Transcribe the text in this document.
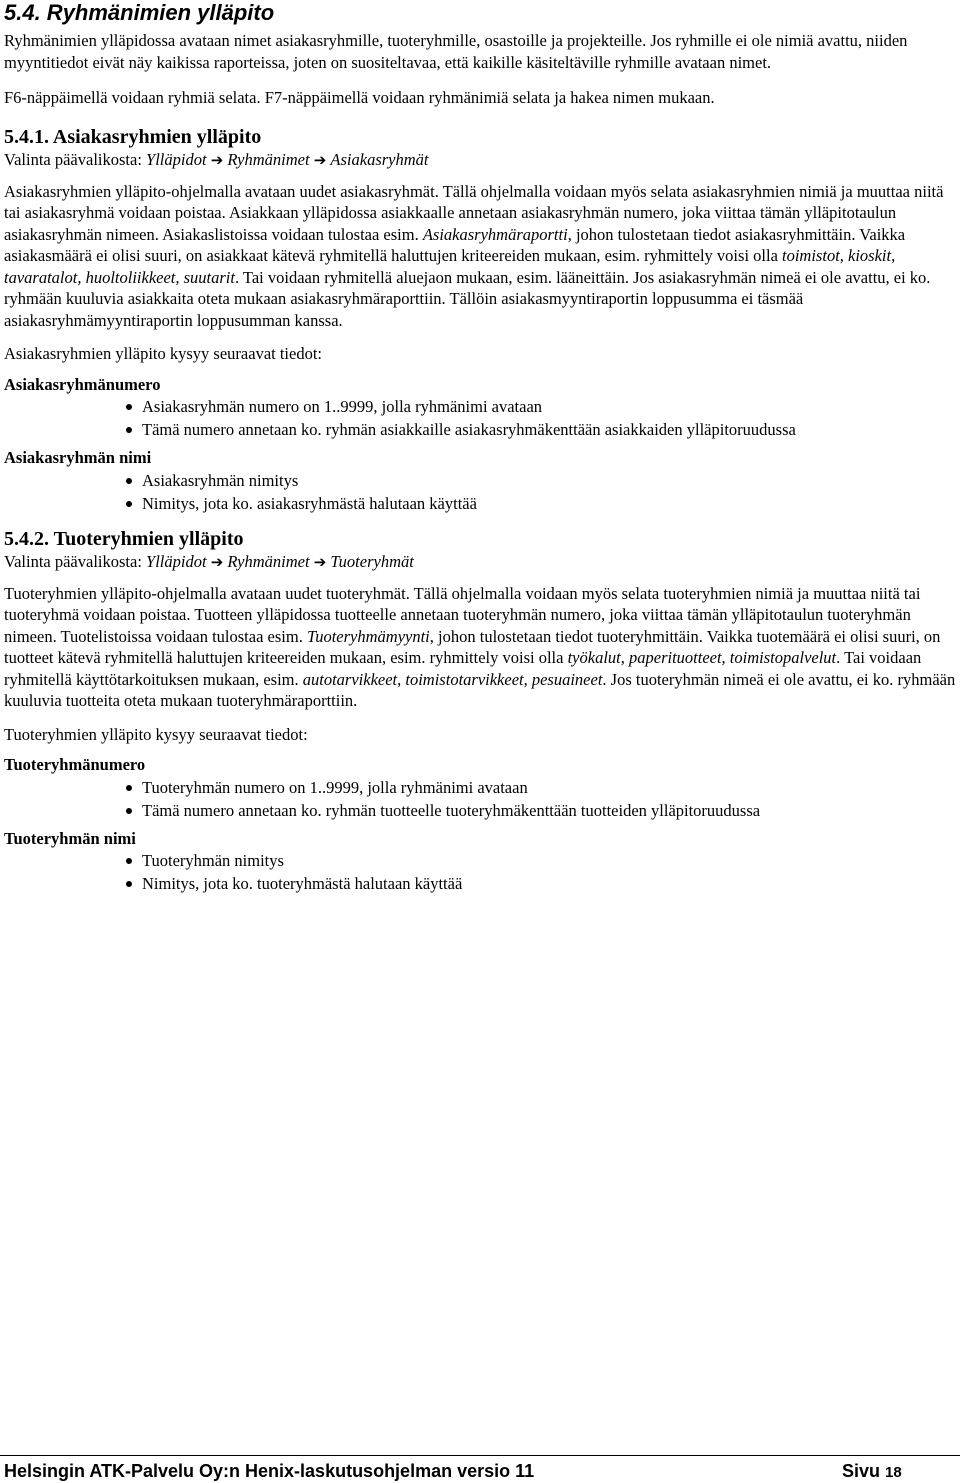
5.4. Ryhmänimien ylläpito

Ryhmänimien ylläpidossa avataan nimet asiakasryhmille, tuoteryhmille, osastoille ja projekteille. Jos ryhmille ei ole nimiä avattu, niiden myyntitiedot eivät näy kaikissa raporteissa, joten on suositeltavaa, että kaikille käsiteltäville ryhmille avataan nimet.

F6-näppäimellä voidaan ryhmiä selata. F7-näppäimellä voidaan ryhmänimiä selata ja hakea nimen mukaan.

5.4.1. Asiakasryhmien ylläpito

Valinta päävalikosta: Ylläpidot ➔ Ryhmänimet ➔ Asiakasryhmät

Asiakasryhmien ylläpito-ohjelmalla avataan uudet asiakasryhmät. Tällä ohjelmalla voidaan myös selata asiakasryhmien nimiä ja muuttaa niitä tai asiakasryhmä voidaan poistaa. Asiakkaan ylläpidossa asiakkaalle annetaan asiakasryhmän numero, joka viittaa tämän ylläpitotaulun asiakasryhmän nimeen. Asiakaslistoissa voidaan tulostaa esim. Asiakasryhmäraportti, johon tulostetaan tiedot asiakasryhmittäin. Vaikka asiakasmäärä ei olisi suuri, on asiakkaat kätevä ryhmitellä haluttujen kriteereiden mukaan, esim. ryhmittely voisi olla toimistot, kioskit, tavaratalot, huoltoliikkeet, suutarit. Tai voidaan ryhmitellä aluejaon mukaan, esim. lääneittäin. Jos asiakasryhmän nimeä ei ole avattu, ei ko. ryhmään kuuluvia asiakkaita oteta mukaan asiakasryhmäraporttiin. Tällöin asiakasmyyntiraportin loppusumma ei täsmää asiakasryhmämyyntiraportin loppusumman kanssa.

Asiakasryhmien ylläpito kysyy seuraavat tiedot:

Asiakasryhmänumero

Asiakasryhmän numero on 1..9999, jolla ryhmänimi avataan
Tämä numero annetaan ko. ryhmän asiakkaille asiakasryhmäkenttään asiakkaiden ylläpitoruudussa

Asiakasryhmän nimi

Asiakasryhmän nimitys
Nimitys, jota ko. asiakasryhmästä halutaan käyttää
5.4.2. Tuoteryhmien ylläpito

Valinta päävalikosta: Ylläpidot ➔ Ryhmänimet ➔ Tuoteryhmät

Tuoteryhmien ylläpito-ohjelmalla avataan uudet tuoteryhmät. Tällä ohjelmalla voidaan myös selata tuoteryhmien nimiä ja muuttaa niitä tai tuoteryhmä voidaan poistaa. Tuotteen ylläpidossa tuotteelle annetaan tuoteryhmän numero, joka viittaa tämän ylläpitotaulun tuoteryhmän nimeen. Tuotelistoissa voidaan tulostaa esim. Tuoteryhmämyynti, johon tulostetaan tiedot tuoteryhmittäin. Vaikka tuotemäärä ei olisi suuri, on tuotteet kätevä ryhmitellä haluttujen kriteereiden mukaan, esim. ryhmittely voisi olla työkalut, paperituotteet, toimistopalvelut. Tai voidaan ryhmitellä käyttötarkoituksen mukaan, esim. autotarvikkeet, toimistotarvikkeet, pesuaineet. Jos tuoteryhmän nimeä ei ole avattu, ei ko. ryhmään kuuluvia tuotteita oteta mukaan tuoteryhmäraporttiin.

Tuoteryhmien ylläpito kysyy seuraavat tiedot:

Tuoteryhmänumero

Tuoteryhmän numero on 1..9999, jolla ryhmänimi avataan
Tämä numero annetaan ko. ryhmän tuotteelle tuoteryhmäkenttään tuotteiden ylläpitoruudussa

Tuoteryhmän nimi

Tuoteryhmän nimitys
Nimitys, jota ko. tuoteryhmästä halutaan käyttää
Helsingin ATK-Palvelu Oy:n Henix-laskutusohjelman versio 11	Sivu 18
